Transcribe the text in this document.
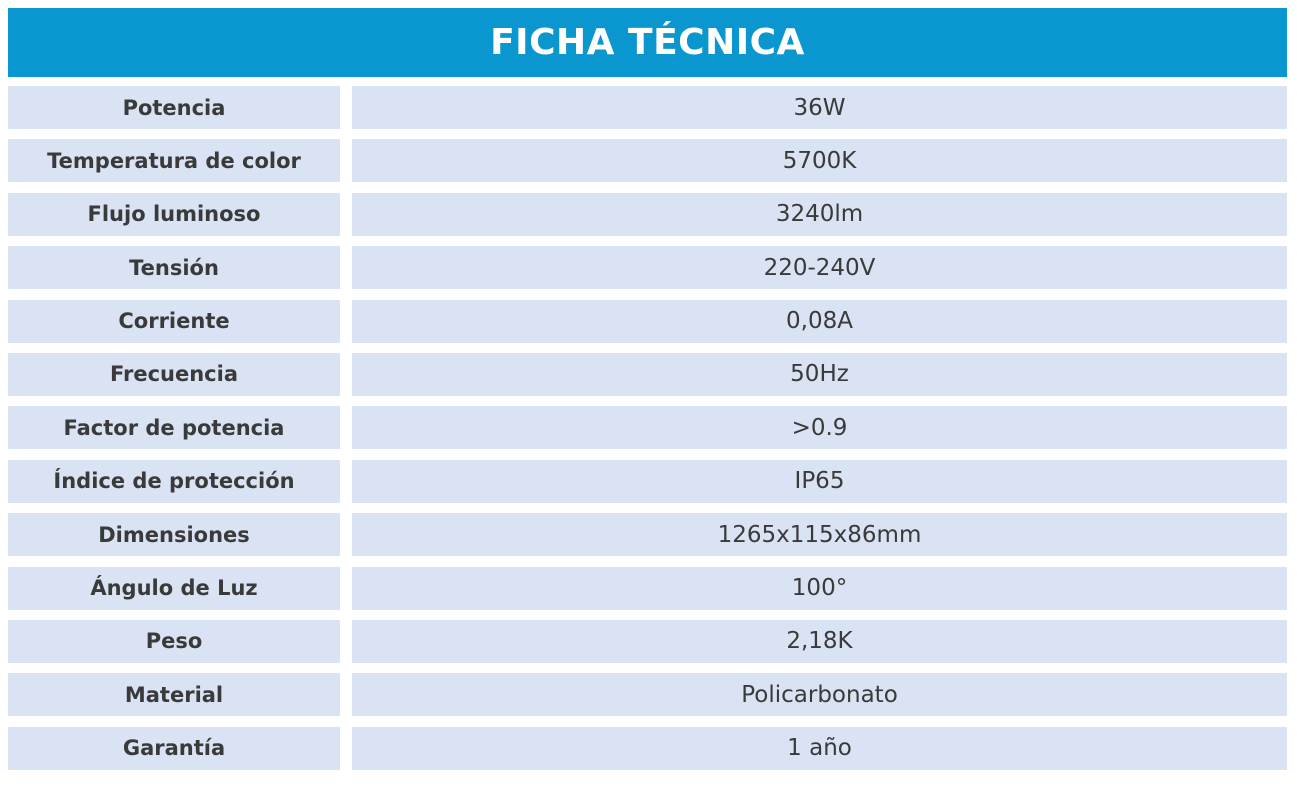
FICHA TÉCNICA
Potencia	36W
Temperatura de color	5700K
Flujo luminoso	3240lm
Tensión	220-240V
Corriente	0,08A
Frecuencia	50Hz
Factor de potencia	>0.9
Índice de protección	IP65
Dimensiones	1265x115x86mm
Ángulo de Luz	100°
Peso	2,18K
Material	Policarbonato
Garantía	1 año
